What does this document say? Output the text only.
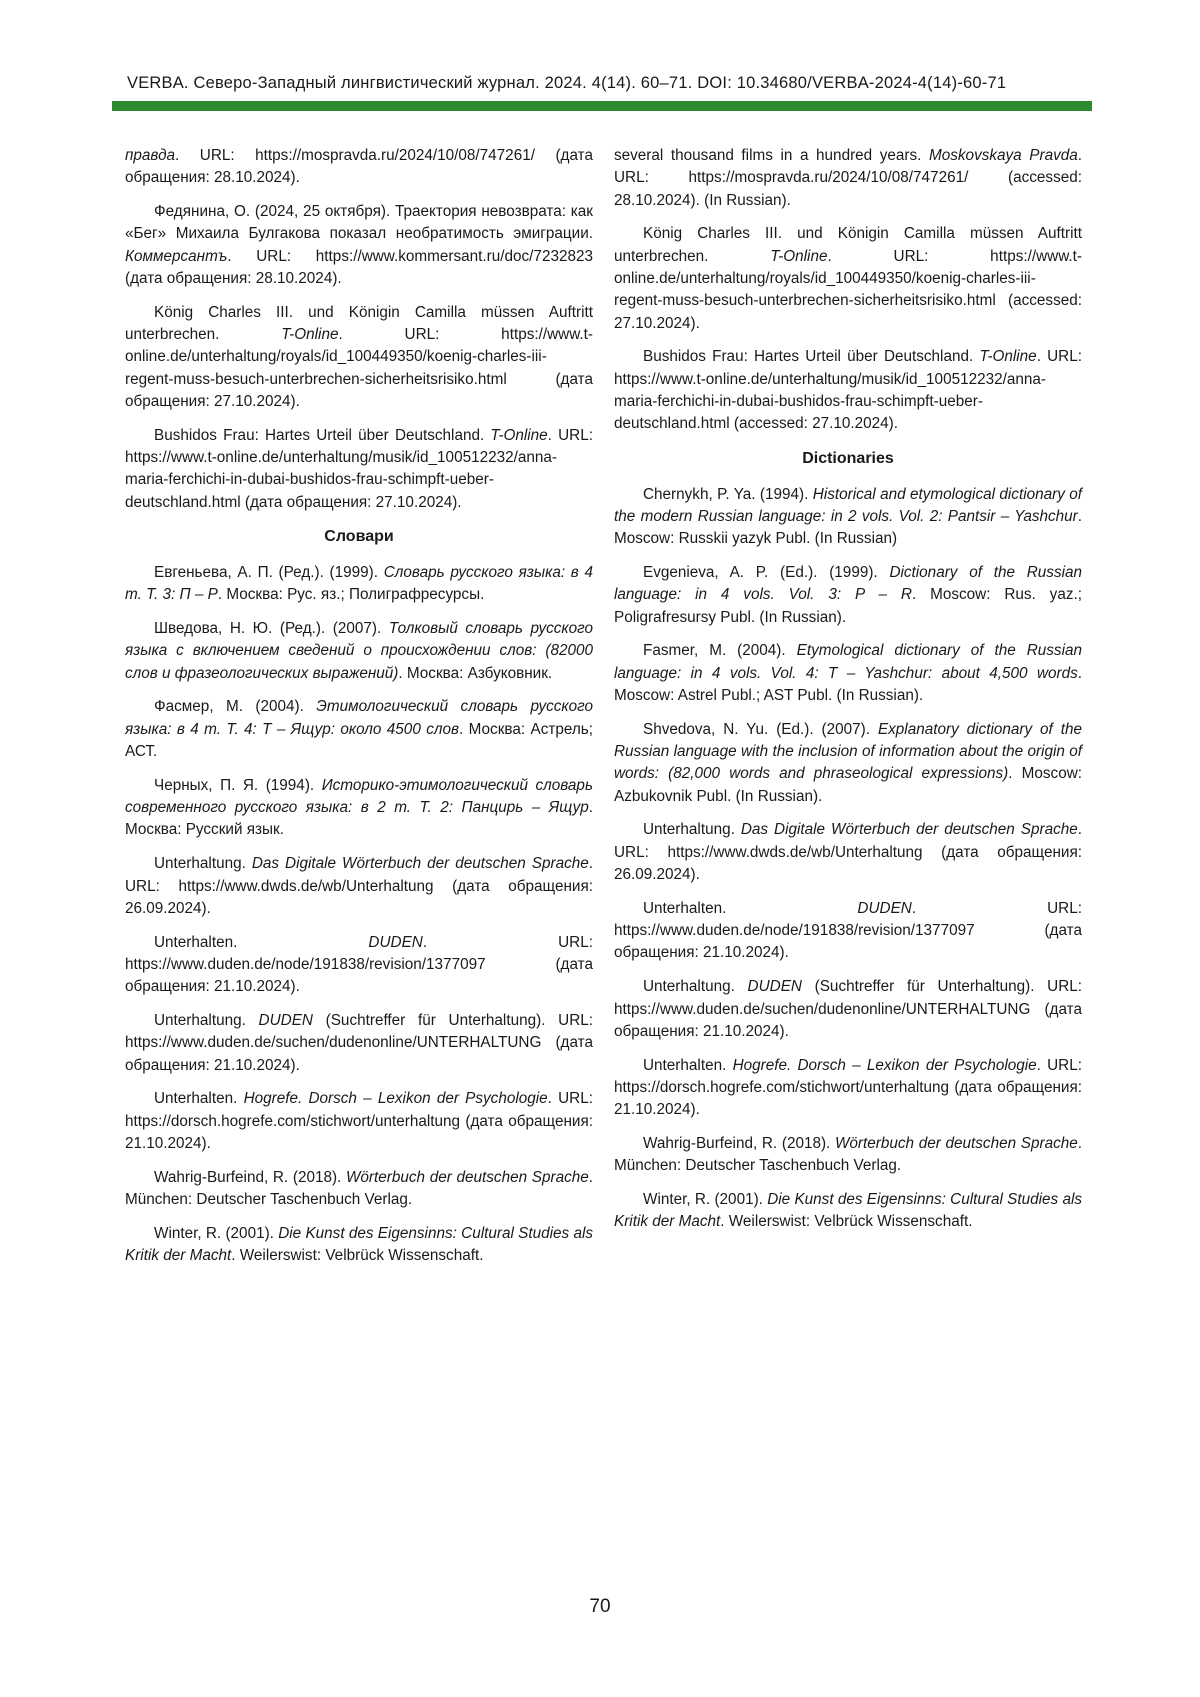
VERBA. Северо-Западный лингвистический журнал. 2024. 4(14). 60–71. DOI: 10.34680/VERBA-2024-4(14)-60-71

правда. URL: https://mospravda.ru/2024/10/08/747261/ (дата обращения: 28.10.2024).

Федянина, О. (2024, 25 октября). Траектория невозврата: как «Бег» Михаила Булгакова показал необратимость эмиграции. Коммерсантъ. URL: https://www.kommersant.ru/doc/7232823 (дата обращения: 28.10.2024).

König Charles III. und Königin Camilla müssen Auftritt unterbrechen. T-Online. URL: https://www.t-online.de/unterhaltung/royals/id_100449350/koenig-charles-iii-regent-muss-besuch-unterbrechen-sicherheitsrisiko.html (дата обращения: 27.10.2024).

Bushidos Frau: Hartes Urteil über Deutschland. T-Online. URL: https://www.t-online.de/unterhaltung/musik/id_100512232/anna-maria-ferchichi-in-dubai-bushidos-frau-schimpft-ueber-deutschland.html (дата обращения: 27.10.2024).

Словари

Евгеньева, А. П. (Ред.). (1999). Словарь русского языка: в 4 т. Т. 3: П – Р. Москва: Рус. яз.; Полиграфресурсы.

Шведова, Н. Ю. (Ред.). (2007). Толковый словарь русского языка с включением сведений о происхождении слов: (82000 слов и фразеологических выражений). Москва: Азбуковник.

Фасмер, М. (2004). Этимологический словарь русского языка: в 4 т. Т. 4: Т – Ящур: около 4500 слов. Москва: Астрель; АСТ.

Черных, П. Я. (1994). Историко-этимологический словарь современного русского языка: в 2 т. Т. 2: Панцирь – Ящур. Москва: Русский язык.

Unterhaltung. Das Digitale Wörterbuch der deutschen Sprache. URL: https://www.dwds.de/wb/Unterhaltung (дата обращения: 26.09.2024).

Unterhalten. DUDEN. URL: https://www.duden.de/node/191838/revision/1377097 (дата обращения: 21.10.2024).

Unterhaltung. DUDEN (Suchtreffer für Unterhaltung). URL: https://www.duden.de/suchen/dudenonline/UNTERHALTUNG (дата обращения: 21.10.2024).

Unterhalten. Hogrefe. Dorsch – Lexikon der Psychologie. URL: https://dorsch.hogrefe.com/stichwort/unterhaltung (дата обращения: 21.10.2024).

Wahrig-Burfeind, R. (2018). Wörterbuch der deutschen Sprache. München: Deutscher Taschenbuch Verlag.

Winter, R. (2001). Die Kunst des Eigensinns: Cultural Studies als Kritik der Macht. Weilerswist: Velbrück Wissenschaft.

several thousand films in a hundred years. Moskovskaya Pravda. URL: https://mospravda.ru/2024/10/08/747261/ (accessed: 28.10.2024). (In Russian).

König Charles III. und Königin Camilla müssen Auftritt unterbrechen. T-Online. URL: https://www.t-online.de/unterhaltung/royals/id_100449350/koenig-charles-iii-regent-muss-besuch-unterbrechen-sicherheitsrisiko.html (accessed: 27.10.2024).

Bushidos Frau: Hartes Urteil über Deutschland. T-Online. URL: https://www.t-online.de/unterhaltung/musik/id_100512232/anna-maria-ferchichi-in-dubai-bushidos-frau-schimpft-ueber-deutschland.html (accessed: 27.10.2024).

Dictionaries

Chernykh, P. Ya. (1994). Historical and etymological dictionary of the modern Russian language: in 2 vols. Vol. 2: Pantsir – Yashchur. Moscow: Russkii yazyk Publ. (In Russian)

Evgenieva, A. P. (Ed.). (1999). Dictionary of the Russian language: in 4 vols. Vol. 3: P – R. Moscow: Rus. yaz.; Poligrafresursy Publ. (In Russian).

Fasmer, M. (2004). Etymological dictionary of the Russian language: in 4 vols. Vol. 4: T – Yashchur: about 4,500 words. Moscow: Astrel Publ.; AST Publ. (In Russian).

Shvedova, N. Yu. (Ed.). (2007). Explanatory dictionary of the Russian language with the inclusion of information about the origin of words: (82,000 words and phraseological expressions). Moscow: Azbukovnik Publ. (In Russian).

Unterhaltung. Das Digitale Wörterbuch der deutschen Sprache. URL: https://www.dwds.de/wb/Unterhaltung (дата обращения: 26.09.2024).

Unterhalten. DUDEN. URL: https://www.duden.de/node/191838/revision/1377097 (дата обращения: 21.10.2024).

Unterhaltung. DUDEN (Suchtreffer für Unterhaltung). URL: https://www.duden.de/suchen/dudenonline/UNTERHALTUNG (дата обращения: 21.10.2024).

Unterhalten. Hogrefe. Dorsch – Lexikon der Psychologie. URL: https://dorsch.hogrefe.com/stichwort/unterhaltung (дата обращения: 21.10.2024).

Wahrig-Burfeind, R. (2018). Wörterbuch der deutschen Sprache. München: Deutscher Taschenbuch Verlag.

Winter, R. (2001). Die Kunst des Eigensinns: Cultural Studies als Kritik der Macht. Weilerswist: Velbrück Wissenschaft.

70
